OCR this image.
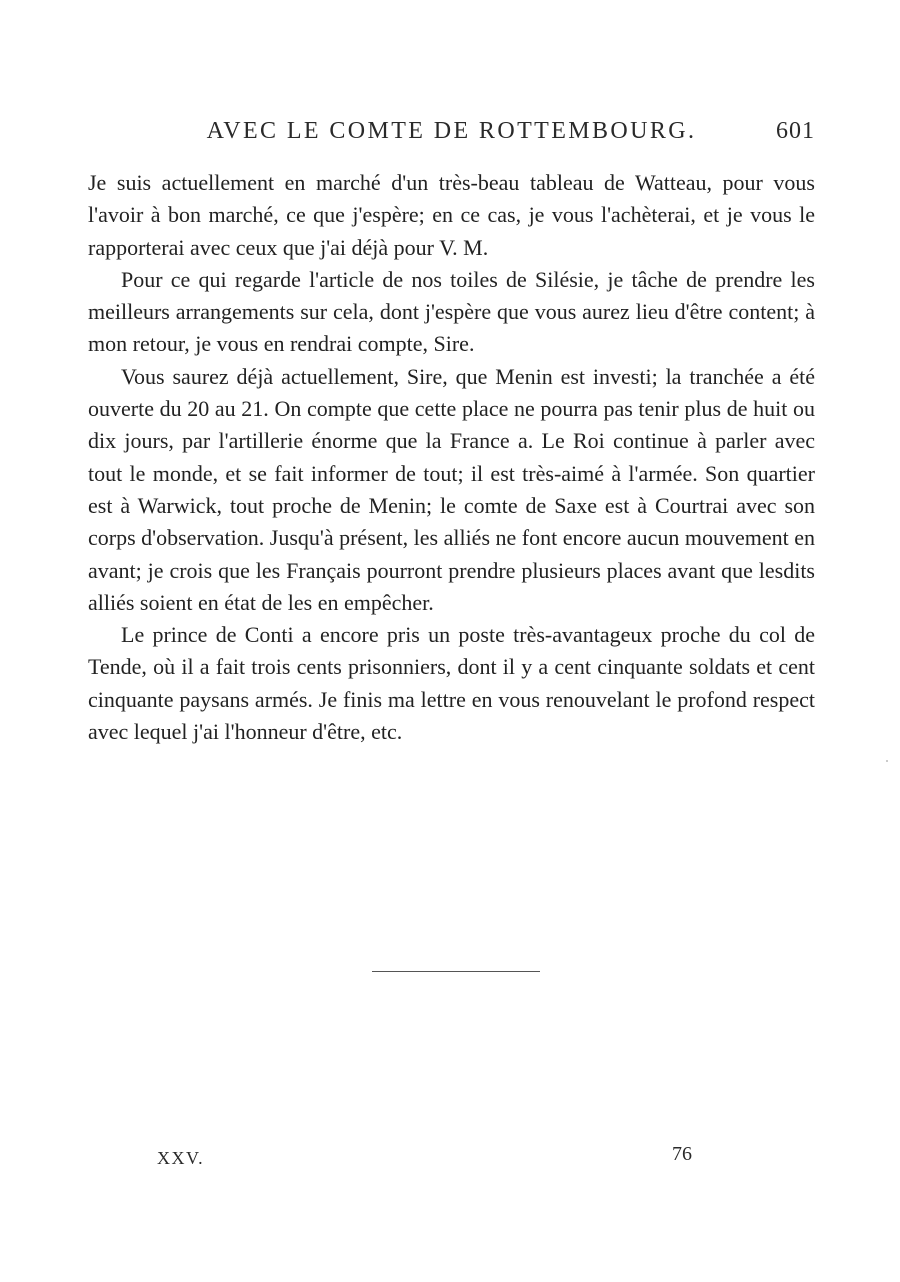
AVEC LE COMTE DE ROTTEMBOURG.	601

Je suis actuellement en marché d'un très-beau tableau de Watteau, pour vous l'avoir à bon marché, ce que j'espère; en ce cas, je vous l'achèterai, et je vous le rapporterai avec ceux que j'ai déjà pour V. M.

Pour ce qui regarde l'article de nos toiles de Silésie, je tâche de prendre les meilleurs arrangements sur cela, dont j'espère que vous aurez lieu d'être content; à mon retour, je vous en rendrai compte, Sire.

Vous saurez déjà actuellement, Sire, que Menin est investi; la tranchée a été ouverte du 20 au 21. On compte que cette place ne pourra pas tenir plus de huit ou dix jours, par l'artillerie énorme que la France a. Le Roi continue à parler avec tout le monde, et se fait informer de tout; il est très-aimé à l'armée. Son quartier est à Warwick, tout proche de Menin; le comte de Saxe est à Courtrai avec son corps d'observation. Jusqu'à présent, les alliés ne font encore aucun mouvement en avant; je crois que les Français pourront prendre plusieurs places avant que lesdits alliés soient en état de les en empêcher.

Le prince de Conti a encore pris un poste très-avantageux proche du col de Tende, où il a fait trois cents prisonniers, dont il y a cent cinquante soldats et cent cinquante paysans armés. Je finis ma lettre en vous renouvelant le profond respect avec lequel j'ai l'honneur d'être, etc.

XXV.	76
